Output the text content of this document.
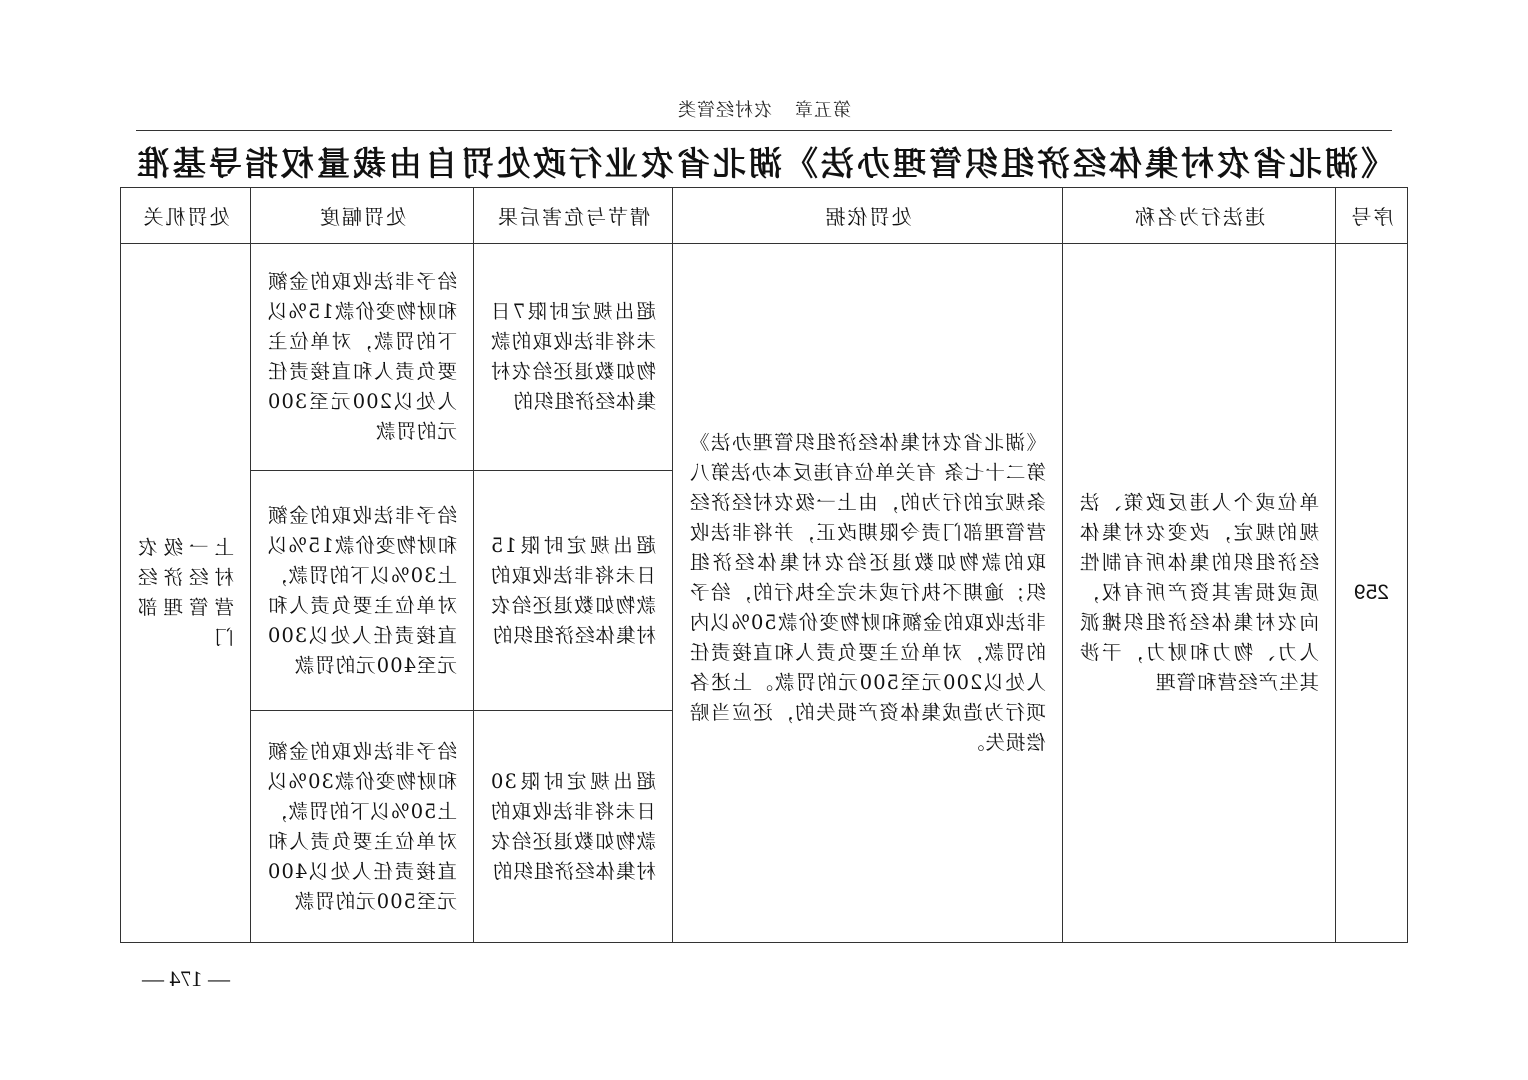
第五章农村经管类
《湖北省农村集体经济组织管理办法》湖北省农业行政处罚自由裁量权指导基准
序号	违法行为名称	处罚依据	情节与危害后果	处罚幅度	处罚机关
259	单位或个人违反政策、法规的规定，改变农村集体经济组织的集体所有制性质或损害其资产所有权，向农村集体经济组织摊派人力、物力和财力，干涉其生产经营和管理	《湖北省农村集体经济组织管理办法》第二十七条 有关单位有违反本办法第八条规定的行为的，由上一级农村经济经营管理部门责令限期改正，并将非法收取的款物如数退还给农村集体经济组织；逾期不执行或未完全执行的，给予非法收取的金额和财物变价款50%以内的罚款，对单位主要负责人和直接责任人处以200元至500元的罚款。上述各项行为造成集体资产损失的，还应当赔偿损失。	超出规定时限7日未将非法收取的款物如数退还给农村集体经济组织的	给予非法收取的金额和财物变价款15%以下的罚款，对单位主要负责人和直接责任人处以200元至300元的罚款	上一级农村经济经营管理部门

			超出规定时限15日未将非法收取的款物如数退还给农村集体经济组织的	给予非法收取的金额和财物变价款15%以上30%以下的罚款，对单位主要负责人和直接责任人处以300元至400元的罚款	

			超出规定时限30日未将非法收取的款物如数退还给农村集体经济组织的	给予非法收取的金额和财物变价款30%以上50%以下的罚款，对单位主要负责人和直接责任人处以400元至500元的罚款	
— 174 —
